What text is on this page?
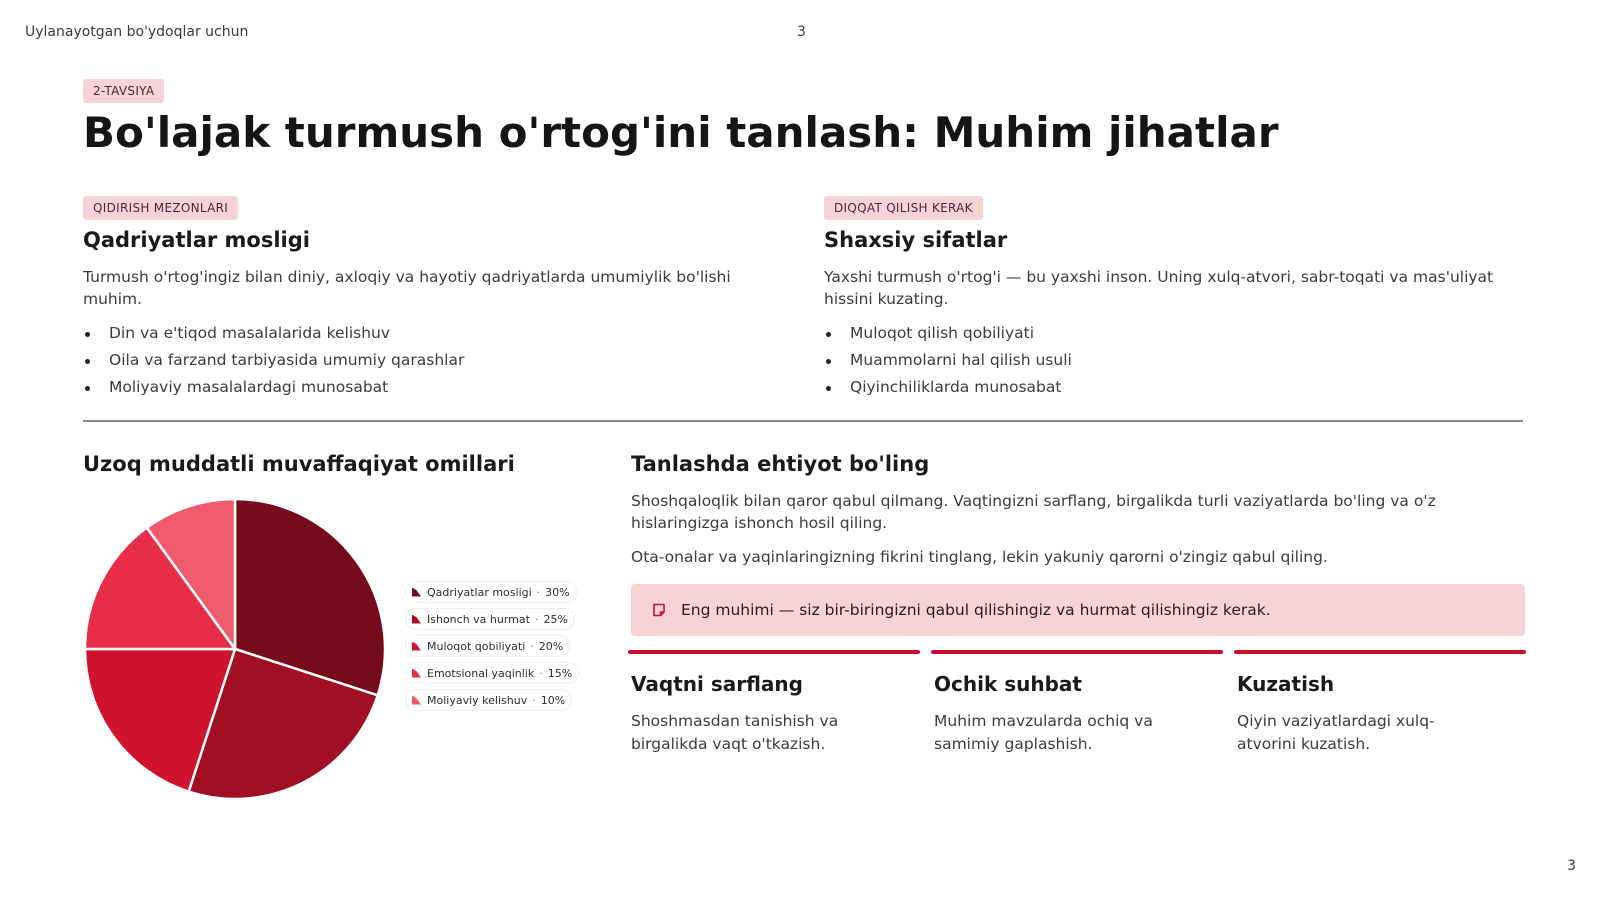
Uylanayotgan bo'ydoqlar uchun	3
3
2-TAVSIYA
Bo'lajak turmush o'rtog'ini tanlash: Muhim jihatlar
QIDIRISH MEZONLARI
Qadriyatlar mosligi

Turmush o'rtog'ingiz bilan diniy, axloqiy va hayotiy qadriyatlarda umumiylik bo'lishi muhim.

Din va e'tiqod masalalarida kelishuv
Oila va farzand tarbiyasida umumiy qarashlar
Moliyaviy masalalardagi munosabat
DIQQAT QILISH KERAK
Shaxsiy sifatlar

Yaxshi turmush o'rtog'i — bu yaxshi inson. Uning xulq-atvori, sabr-toqati va mas'uliyat hissini kuzating.

Muloqot qilish qobiliyati
Muammolarni hal qilish usuli
Qiyinchiliklarda munosabat
Uzoq muddatli muvaffaqiyat omillari
Qadriyatlar mosligi · 30%
Ishonch va hurmat · 25%
Muloqot qobiliyati · 20%
Emotsional yaqinlik · 15%
Moliyaviy kelishuv · 10%
Tanlashda ehtiyot bo'ling

Shoshqaloqlik bilan qaror qabul qilmang. Vaqtingizni sarflang, birgalikda turli vaziyatlarda bo'ling va o'z hislaringizga ishonch hosil qiling.

Ota-onalar va yaqinlaringizning fikrini tinglang, lekin yakuniy qarorni o'zingiz qabul qiling.

Eng muhimi — siz bir-biringizni qabul qilishingiz va hurmat qilishingiz kerak.
Vaqtni sarflang

Shoshmasdan tanishish va birgalikda vaqt o'tkazish.

Ochik suhbat

Muhim mavzularda ochiq va samimiy gaplashish.

Kuzatish

Qiyin vaziyatlardagi xulq-atvorini kuzatish.
